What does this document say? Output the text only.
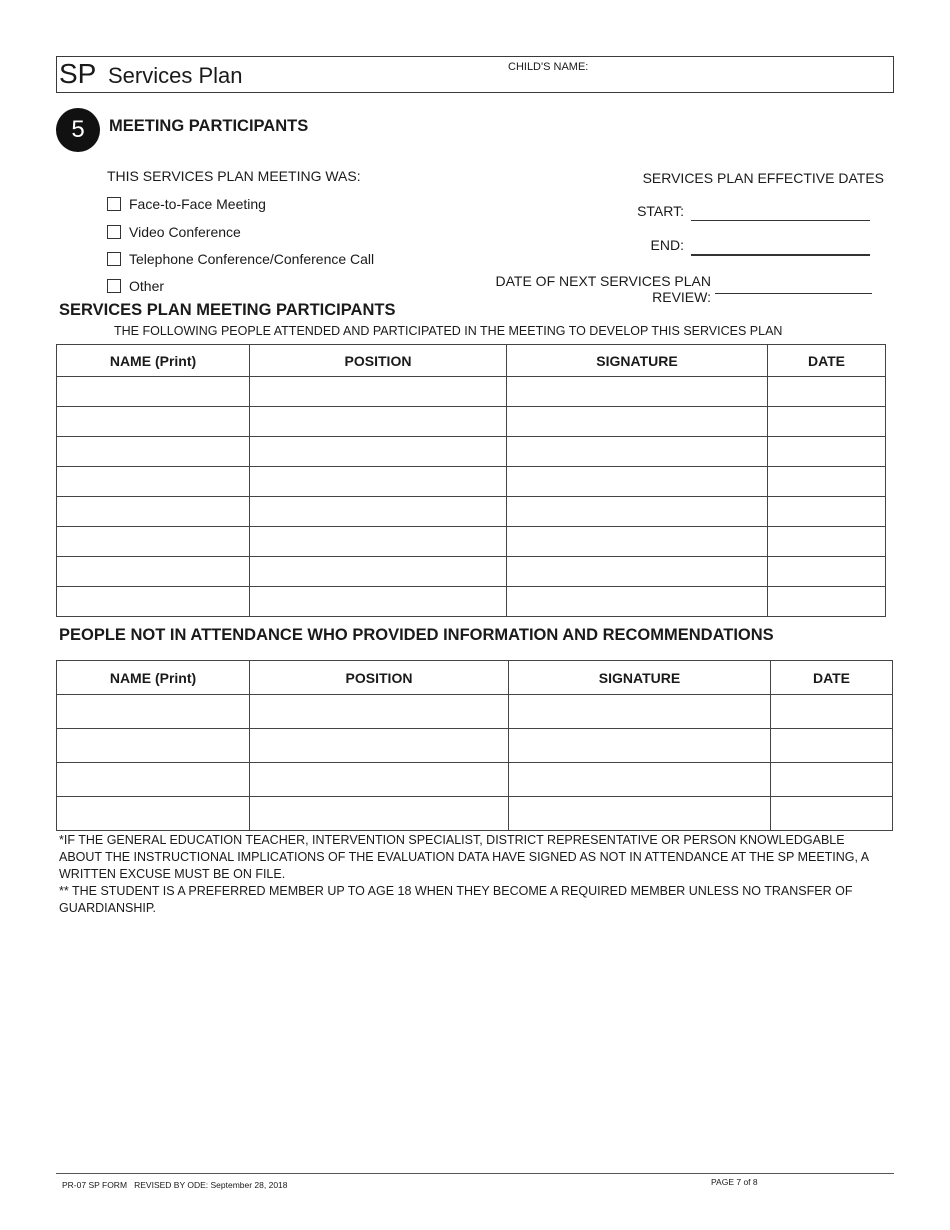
SP Services Plan	CHILD'S NAME:
5	MEETING PARTICIPANTS
THIS SERVICES PLAN MEETING WAS:
Face-to-Face Meeting
Video Conference
Telephone Conference/Conference Call
Other
SERVICES PLAN EFFECTIVE DATES
START:
END:
DATE OF NEXT SERVICES PLAN REVIEW:
SERVICES PLAN MEETING PARTICIPANTS
THE FOLLOWING PEOPLE ATTENDED AND PARTICIPATED IN THE MEETING TO DEVELOP THIS SERVICES PLAN
NAME (Print)	POSITION	SIGNATURE	DATE

PEOPLE NOT IN ATTENDANCE WHO PROVIDED INFORMATION AND RECOMMENDATIONS
NAME (Print)	POSITION	SIGNATURE	DATE

*IF THE GENERAL EDUCATION TEACHER, INTERVENTION SPECIALIST, DISTRICT REPRESENTATIVE OR PERSON KNOWLEDGABLE ABOUT THE INSTRUCTIONAL IMPLICATIONS OF THE EVALUATION DATA HAVE SIGNED AS NOT IN ATTENDANCE AT THE SP MEETING, A WRITTEN EXCUSE MUST BE ON FILE.

** THE STUDENT IS A PREFERRED MEMBER UP TO AGE 18 WHEN THEY BECOME A REQUIRED MEMBER UNLESS NO TRANSFER OF GUARDIANSHIP.

PR-07 SP FORM   REVISED BY ODE: September 28, 2018	PAGE 7 of 8
